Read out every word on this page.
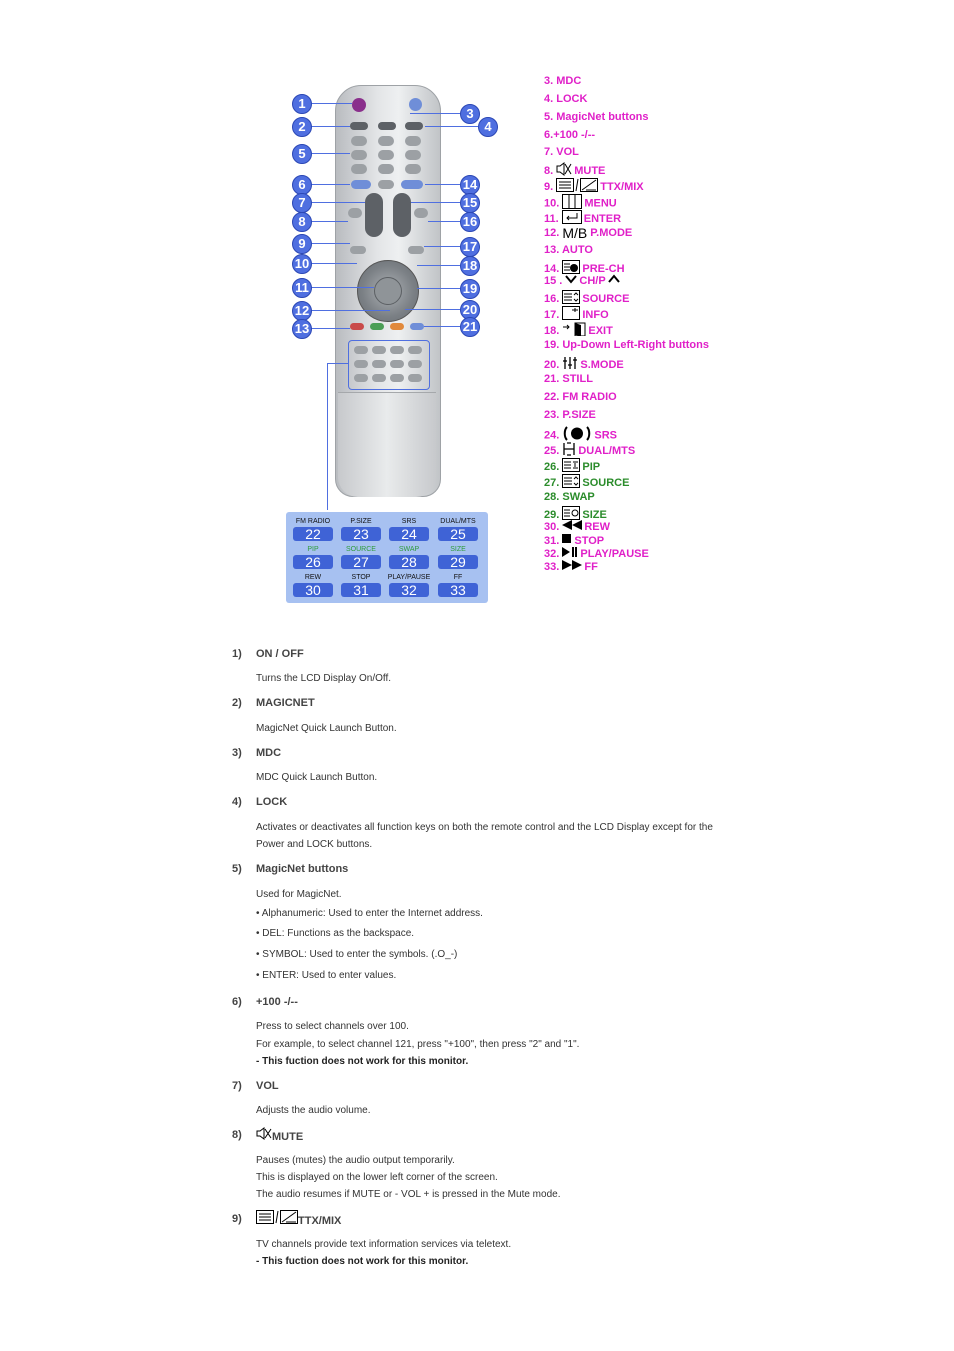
1
2
3
4
5
6
7
8
9
10
11
12
13
14
15
16
17
18
19
20
21
FM RADIO
22
P.SIZE
23
SRS
24
DUAL/MTS
25
PIP
26
SOURCE
27
SWAP
28
SIZE
29
REW
30
STOP
31
PLAY/PAUSE
32
FF
33
3. MDC
4. LOCK
5. MagicNet buttons
6.+100 -/--
7. VOL
8. MUTE
9.	TTX/MIX
10. MENU
11. ENTER
12. M/B P.MODE
13. AUTO
14. PRE-CH
15 . CH/P
16. SOURCE
17. INFO
18. EXIT
19. Up-Down Left-Right buttons
20. S.MODE
21. STILL
22. FM RADIO
23. P.SIZE
24.	SRS
25. DUAL/MTS
26. PIP
27. SOURCE
28. SWAP
29. SIZE
30. REW
31. STOP
32. PLAY/PAUSE
33. FF
1) ON / OFF
Turns the LCD Display On/Off.
2) MAGICNET
MagicNet Quick Launch Button.
3) MDC
MDC Quick Launch Button.
4) LOCK
Activates or deactivates all function keys on both the remote control and the LCD Display except for the
Power and LOCK buttons.
5) MagicNet buttons
Used for MagicNet.
• Alphanumeric: Used to enter the Internet address.
• DEL: Functions as the backspace.
• SYMBOL: Used to enter the symbols. (.O_-)
• ENTER: Used to enter values.
6) +100 -/--
Press to select channels over 100.
For example, to select channel 121, press "+100", then press "2" and "1".
- This fuction does not work for this monitor.
7) VOL
Adjusts the audio volume.
8)	MUTE
Pauses (mutes) the audio output temporarily.
This is displayed on the lower left corner of the screen.
The audio resumes if MUTE or - VOL + is pressed in the Mute mode.
9)	TTX/MIX
TV channels provide text information services via teletext.
- This fuction does not work for this monitor.
